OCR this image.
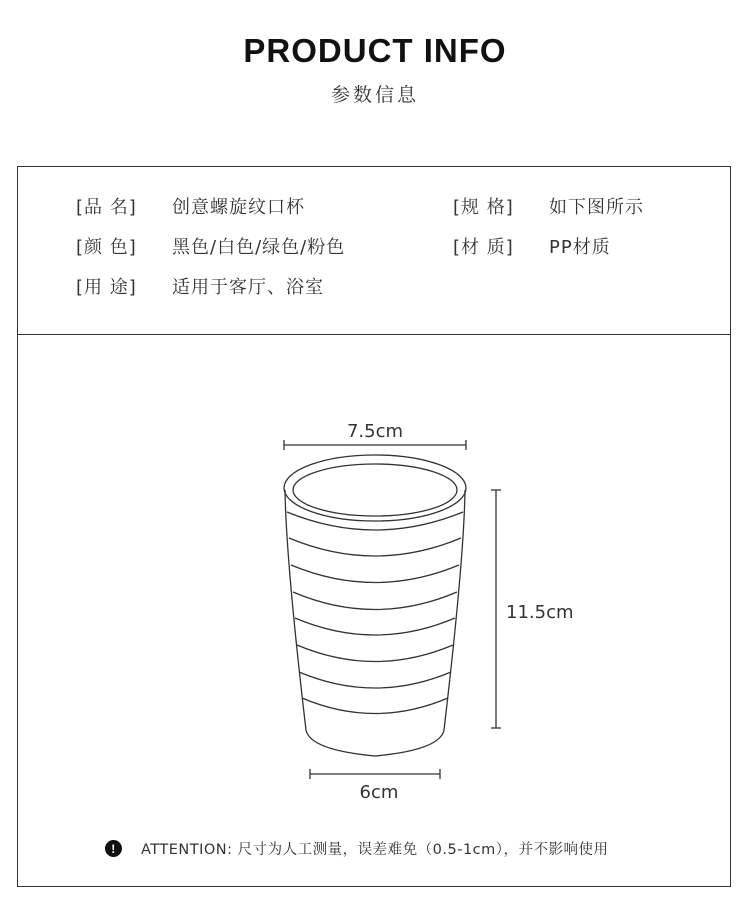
PRODUCT INFO
参数信息
[品 名] 创意螺旋纹口杯	[规 格] 如下图所示
[颜 色] 黑色/白色/绿色/粉色	[材 质] PP材质
[用 途] 适用于客厅、浴室
7.5cm
11.5cm
6cm
!	ATTENTION: 尺寸为人工测量，误差难免（0.5-1cm），并不影响使用
